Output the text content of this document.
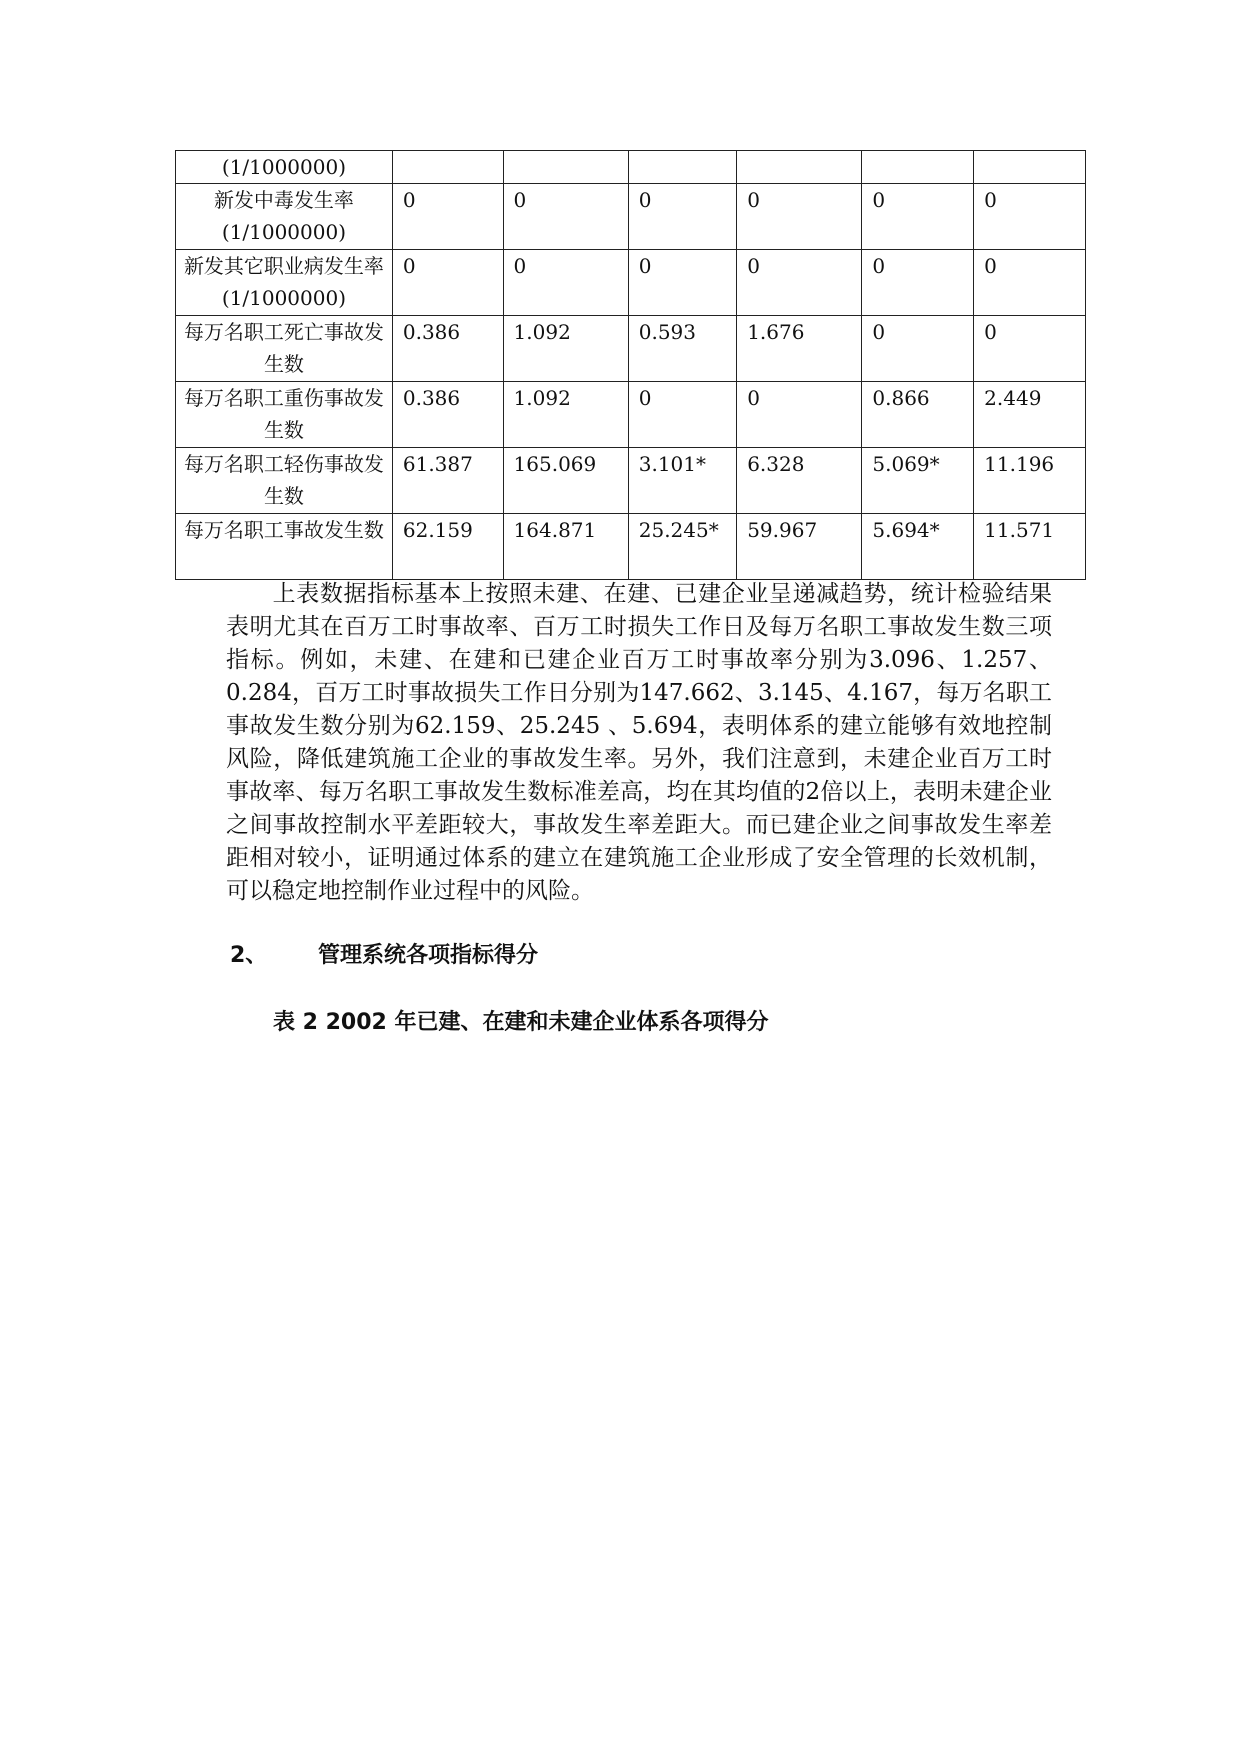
(1/1000000)						
新发中毒发生率(1/1000000)	0	0	0	0	0	0
新发其它职业病发生率(1/1000000)	0	0	0	0	0	0
每万名职工死亡事故发生数	0.386	1.092	0.593	1.676	0	0
每万名职工重伤事故发生数	0.386	1.092	0	0	0.866	2.449
每万名职工轻伤事故发生数	61.387	165.069	3.101*	6.328	5.069*	11.196
每万名职工事故发生数	62.159	164.871	25.245*	59.967	5.694*	11.571

上表数据指标基本上按照未建、在建、已建企业呈递减趋势，统计检验结果表明尤其在百万工时事故率、百万工时损失工作日及每万名职工事故发生数三项指标。例如，未建、在建和已建企业百万工时事故率分别为3.096、1.257、0.284，百万工时事故损失工作日分别为147.662、3.145、4.167，每万名职工事故发生数分别为62.159、25.245 、5.694，表明体系的建立能够有效地控制风险，降低建筑施工企业的事故发生率。另外，我们注意到，未建企业百万工时事故率、每万名职工事故发生数标准差高，均在其均值的2倍以上，表明未建企业之间事故控制水平差距较大，事故发生率差距大。而已建企业之间事故发生率差距相对较小，证明通过体系的建立在建筑施工企业形成了安全管理的长效机制，可以稳定地控制作业过程中的风险。

2、 管理系统各项指标得分
表 2 2002 年已建、在建和未建企业体系各项得分
